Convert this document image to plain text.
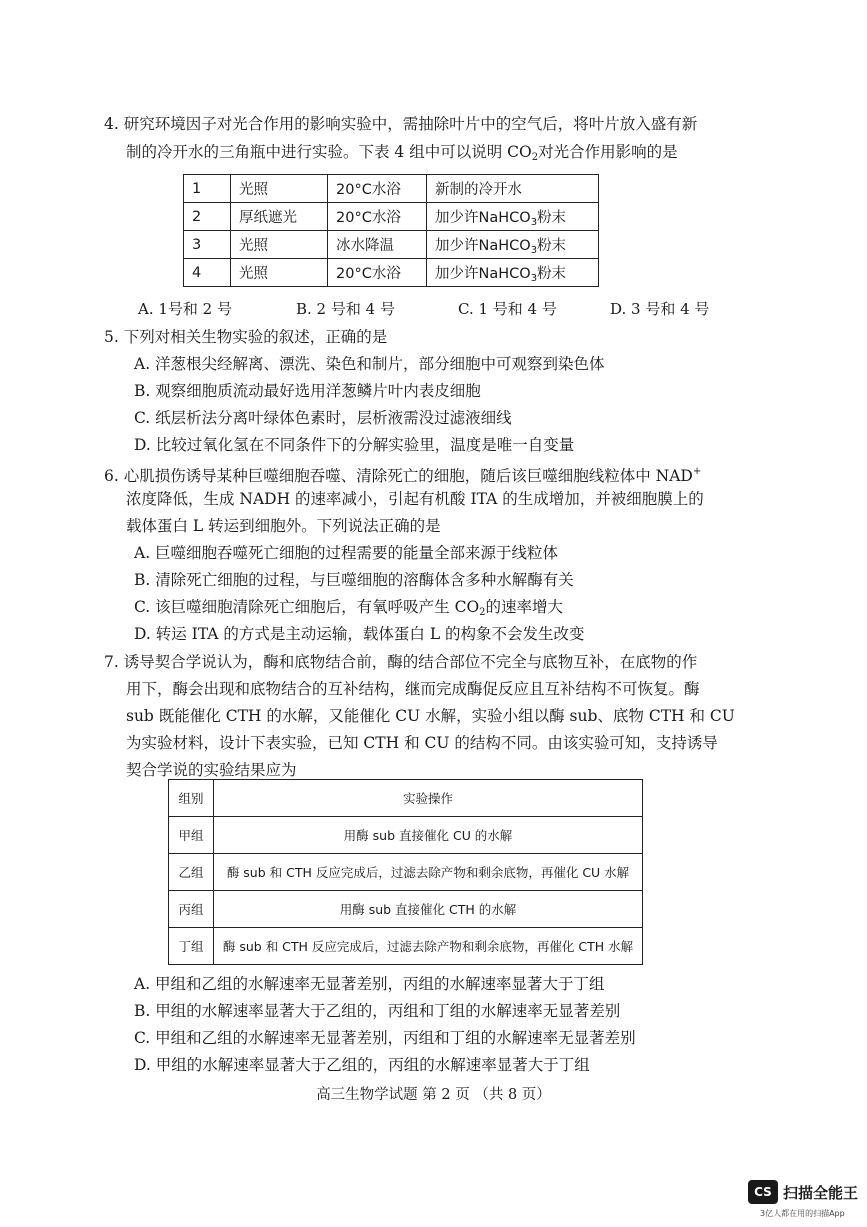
4. 研究环境因子对光合作用的影响实验中，需抽除叶片中的空气后，将叶片放入盛有新
制的冷开水的三角瓶中进行实验。下表 4 组中可以说明 $CO_2$对光合作用影响的是
1	光照	20°C水浴	新制的冷开水
2	厚纸遮光	20°C水浴	加少许NaHCO$_3$粉末
3	光照	冰水降温	加少许NaHCO$_3$粉末
4	光照	20°C水浴	加少许NaHCO$_3$粉末
A. 1号和 2 号	B. 2 号和 4 号	C. 1 号和 4 号	D. 3 号和 4 号
5. 下列对相关生物实验的叙述，正确的是
A. 洋葱根尖经解离、漂洗、染色和制片，部分细胞中可观察到染色体
B. 观察细胞质流动最好选用洋葱鳞片叶内表皮细胞
C. 纸层析法分离叶绿体色素时，层析液需没过滤液细线
D. 比较过氧化氢在不同条件下的分解实验里，温度是唯一自变量
6. 心肌损伤诱导某种巨噬细胞吞噬、清除死亡的细胞，随后该巨噬细胞线粒体中 NAD+
浓度降低，生成 NADH 的速率减小，引起有机酸 ITA 的生成增加，并被细胞膜上的
载体蛋白 L 转运到细胞外。下列说法正确的是
A. 巨噬细胞吞噬死亡细胞的过程需要的能量全部来源于线粒体
B. 清除死亡细胞的过程，与巨噬细胞的溶酶体含多种水解酶有关
C. 该巨噬细胞清除死亡细胞后，有氧呼吸产生 $CO_2$的速率增大
D. 转运 ITA 的方式是主动运输，载体蛋白 L 的构象不会发生改变
7. 诱导契合学说认为，酶和底物结合前，酶的结合部位不完全与底物互补，在底物的作
用下，酶会出现和底物结合的互补结构，继而完成酶促反应且互补结构不可恢复。酶
sub 既能催化 CTH 的水解，又能催化 CU 水解，实验小组以酶 sub、底物 CTH 和 CU
为实验材料，设计下表实验，已知 CTH 和 CU 的结构不同。由该实验可知，支持诱导
契合学说的实验结果应为
组别	实验操作
甲组	用酶 sub 直接催化 CU 的水解
乙组	酶 sub 和 CTH 反应完成后，过滤去除产物和剩余底物，再催化 CU 水解
丙组	用酶 sub 直接催化 CTH 的水解
丁组	酶 sub 和 CTH 反应完成后，过滤去除产物和剩余底物，再催化 CTH 水解
A. 甲组和乙组的水解速率无显著差别，丙组的水解速率显著大于丁组
B. 甲组的水解速率显著大于乙组的，丙组和丁组的水解速率无显著差别
C. 甲组和乙组的水解速率无显著差别，丙组和丁组的水解速率无显著差别
D. 甲组的水解速率显著大于乙组的，丙组的水解速率显著大于丁组
高三生物学试题 第 2 页 （共 8 页）
CS 扫描全能王
3亿人都在用的扫描App
